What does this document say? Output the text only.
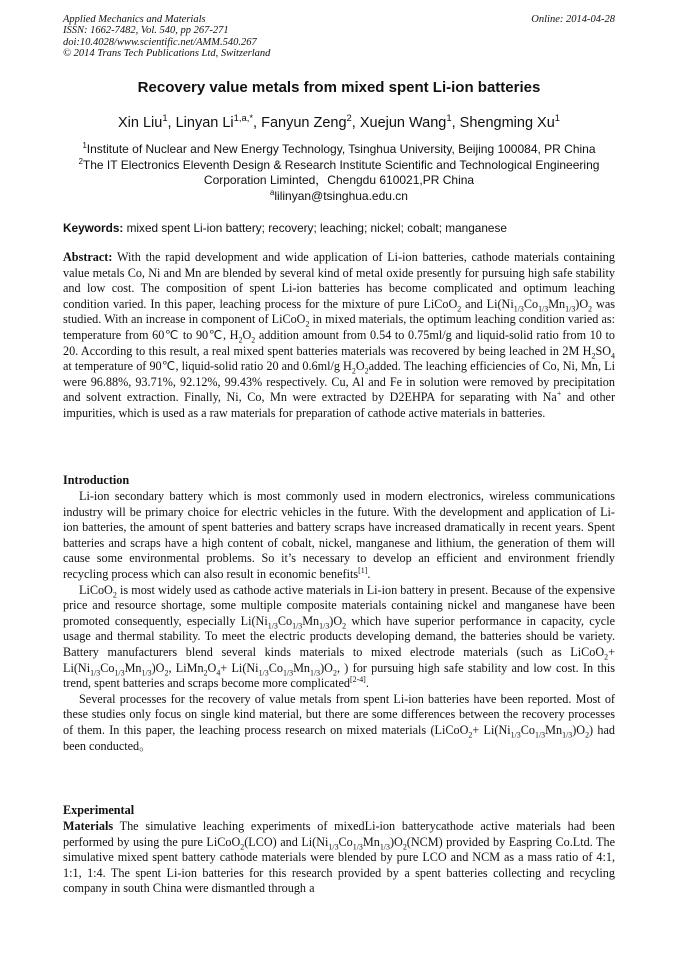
Applied Mechanics and Materials	Online: 2014-04-28
ISSN: 1662-7482, Vol. 540, pp 267-271
doi:10.4028/www.scientific.net/AMM.540.267
© 2014 Trans Tech Publications Ltd, Switzerland
Recovery value metals from mixed spent Li-ion batteries
Xin Liu$^1$, Linyan $Li^{1,a,*}$, Fanyun Zeng$^2$, Xuejun Wang$^1$, Shengming Xu$^1$
$^1$Institute of Nuclear and New Energy Technology, Tsinghua University, Beijing 100084, PR China
$^2$The IT Electronics Eleventh Design & Research Institute Scientific and Technological Engineering Corporation Liminted，Chengdu 610021,PR China
$^a$lilinyan@tsinghua.edu.cn
Keywords: mixed spent Li-ion battery; recovery; leaching; nickel; cobalt; manganese

Abstract: With the rapid development and wide application of Li-ion batteries, cathode materials containing value metals Co, Ni and Mn are blended by several kind of metal oxide presently for pursuing high safe stability and low cost. The composition of spent Li-ion batteries has become complicated and optimum leaching condition varied. In this paper, leaching process for the mixture of pure LiCoO$_2$ and $Li(Ni_{1/3}Co_{1/3}Mn_{1/3})O_2$ was studied. With an increase in component of LiCoO$_2$ in mixed materials, the optimum leaching condition varied as: temperature from 60℃ to 90℃, $H_2O_2$ addition amount from 0.54 to 0.75ml/g and liquid-solid ratio from 10 to 20. According to this result, a real mixed spent batteries materials was recovered by being leached in 2M $H_2SO_4$ at temperature of 90℃, liquid-solid ratio 20 and 0.6ml/g $H_2O_2added$. The leaching efficiencies of Co, Ni, Mn, Li were 96.88%, 93.71%, 92.12%, 99.43% respectively. Cu, Al and Fe in solution were removed by precipitation and solvent extraction. Finally, Ni, Co, Mn were extracted by D2EHPA for separating with Na+ and other impurities, which is used as a raw materials for preparation of cathode active materials in batteries.

Introduction

Li-ion secondary battery which is most commonly used in modern electronics, wireless communications industry will be primary choice for electric vehicles in the future. With the development and application of Li-ion batteries, the amount of spent batteries and battery scraps have increased dramatically in recent years. Spent batteries and scraps have a high content of cobalt, nickel, manganese and lithium, the generation of them will cause some environmental problems. So it’s necessary to develop an efficient and environment friendly recycling process which can also result in economic benefits[1].

LiCoO$_2$ is most widely used as cathode active materials in Li-ion battery in present. Because of the expensive price and resource shortage, some multiple composite materials containing nickel and manganese have been promoted consequently, especially $Li(Ni_{1/3}Co_{1/3}Mn_{1/3})O_2$ which have superior performance in capacity, cycle usage and thermal stability. To meet the electric products developing demand, the batteries should be variety. Battery manufacturers blend several kinds materials to mixed electrode materials (such as LiCoO$_2$+ $Li(Ni_{1/3}Co_{1/3}Mn_{1/3})O_2$, $LiMn_2O_4+ Li(Ni_{1/3}Co_{1/3}Mn_{1/3})O_2$, ) for pursuing high safe stability and low cost. In this trend, spent batteries and scraps become more complicated[2-4].

Several processes for the recovery of value metals from spent Li-ion batteries have been reported. Most of these studies only focus on single kind material, but there are some differences between the recovery processes of them. In this paper, the leaching process research on mixed materials (LiCoO$_2$+ $Li(Ni_{1/3}Co_{1/3}Mn_{1/3})O_2$) had been conducted。

Experimental

Materials The simulative leaching experiments of mixedLi-ion batterycathode active materials had been performed by using the pure LiCoO$_2$(LCO) and $Li(Ni_{1/3}Co_{1/3}Mn_{1/3})O_2(NCM)$ provided by Easpring Co.Ltd. The simulative mixed spent battery cathode materials were blended by pure LCO and NCM as a mass ratio of 4:1, 1:1, 1:4. The spent Li-ion batteries for this research provided by a spent batteries collecting and recycling company in south China were dismantled through a
